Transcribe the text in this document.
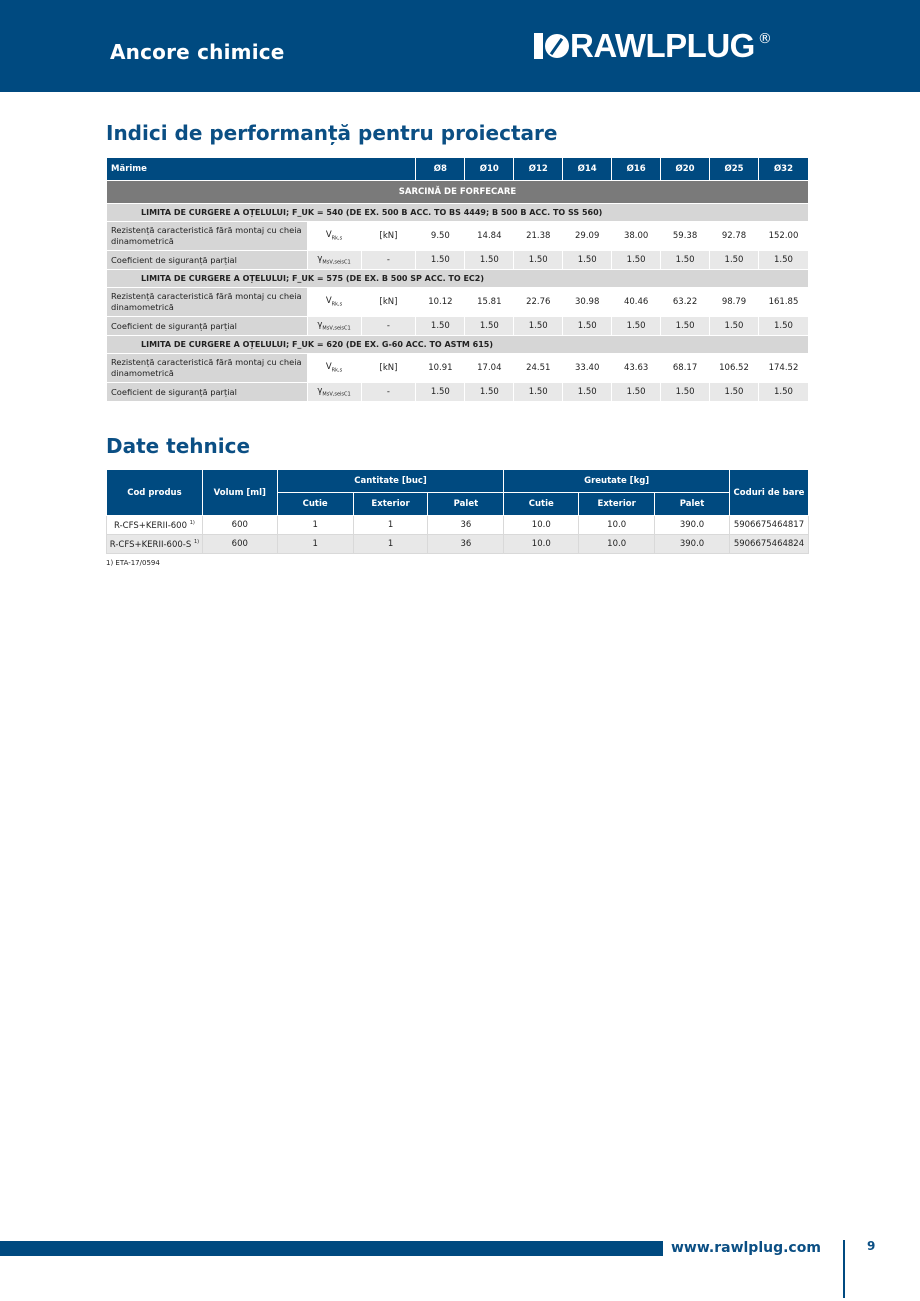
Ancore chimice	RAWLPLUG ®
Indici de performanță pentru proiectare
Mărime			Ø8	Ø10	Ø12	Ø14	Ø16	Ø20	Ø25	Ø32
SARCINĂ DE FORFECARE										
LIMITA DE CURGERE A OȚELULUI; F_UK = 540 (DE EX. 500 B ACC. TO BS 4449; B 500 B ACC. TO SS 560)										
Rezistență caracteristică fără montaj cu cheia dinamometrică	$V_{Rk,s}$	[kN]	9.50	14.84	21.38	29.09	38.00	59.38	92.78	152.00
Coeficient de siguranță parțial	$\gamma_{MsV,seisC1}$	-	1.50	1.50	1.50	1.50	1.50	1.50	1.50	1.50
LIMITA DE CURGERE A OȚELULUI; F_UK = 575 (DE EX. B 500 SP ACC. TO EC2)										
Rezistență caracteristică fără montaj cu cheia dinamometrică	$V_{Rk,s}$	[kN]	10.12	15.81	22.76	30.98	40.46	63.22	98.79	161.85
Coeficient de siguranță parțial	$\gamma_{MsV,seisC1}$	-	1.50	1.50	1.50	1.50	1.50	1.50	1.50	1.50
LIMITA DE CURGERE A OȚELULUI; F_UK = 620 (DE EX. G-60 ACC. TO ASTM 615)										
Rezistență caracteristică fără montaj cu cheia dinamometrică	$V_{Rk,s}$	[kN]	10.91	17.04	24.51	33.40	43.63	68.17	106.52	174.52
Coeficient de siguranță parțial	$\gamma_{MsV,seisC1}$	-	1.50	1.50	1.50	1.50	1.50	1.50	1.50	1.50
Date tehnice
Cod produs	Volum [ml]	Cantitate [buc]			Greutate [kg]			Coduri de bare
		Cutie	Exterior	Palet	Cutie	Exterior	Palet	
R-CFS+KERII-600 $^{1)}$	600	1	1	36	10.0	10.0	390.0	5906675464817
R-CFS+KERII-600-S $^{1)}$	600	1	1	36	10.0	10.0	390.0	5906675464824
1) ETA-17/0594
www.rawlplug.com	9
